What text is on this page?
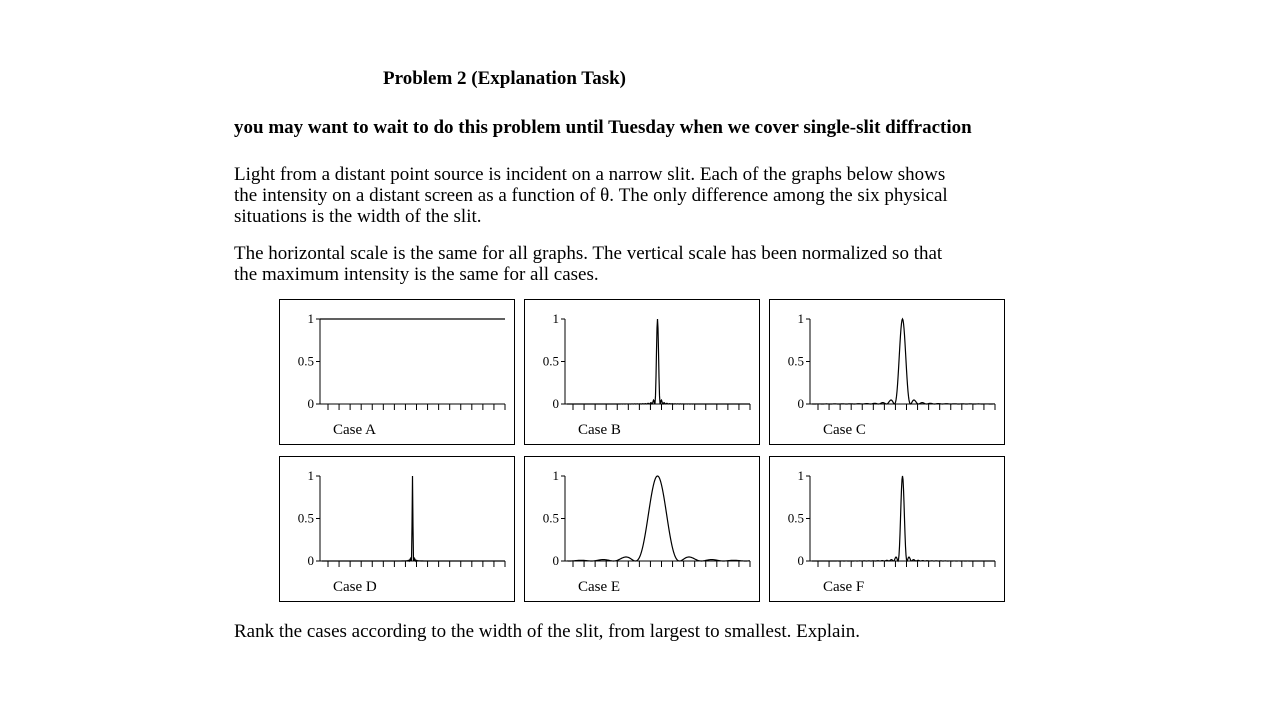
Problem 2 (Explanation Task)
you may want to wait to do this problem until Tuesday when we cover single-slit diffraction

Light from a distant point source is incident on a narrow slit. Each of the graphs below shows
the intensity on a distant screen as a function of θ. The only difference among the six physical
situations is the width of the slit.

The horizontal scale is the same for all graphs. The vertical scale has been normalized so that
the maximum intensity is the same for all cases.

1
0.5
0
Case A
1
0.5
0
Case B
1
0.5
0
Case C
1
0.5
0
Case D
1
0.5
0
Case E
1
0.5
0
Case F

Rank the cases according to the width of the slit, from largest to smallest. Explain.
